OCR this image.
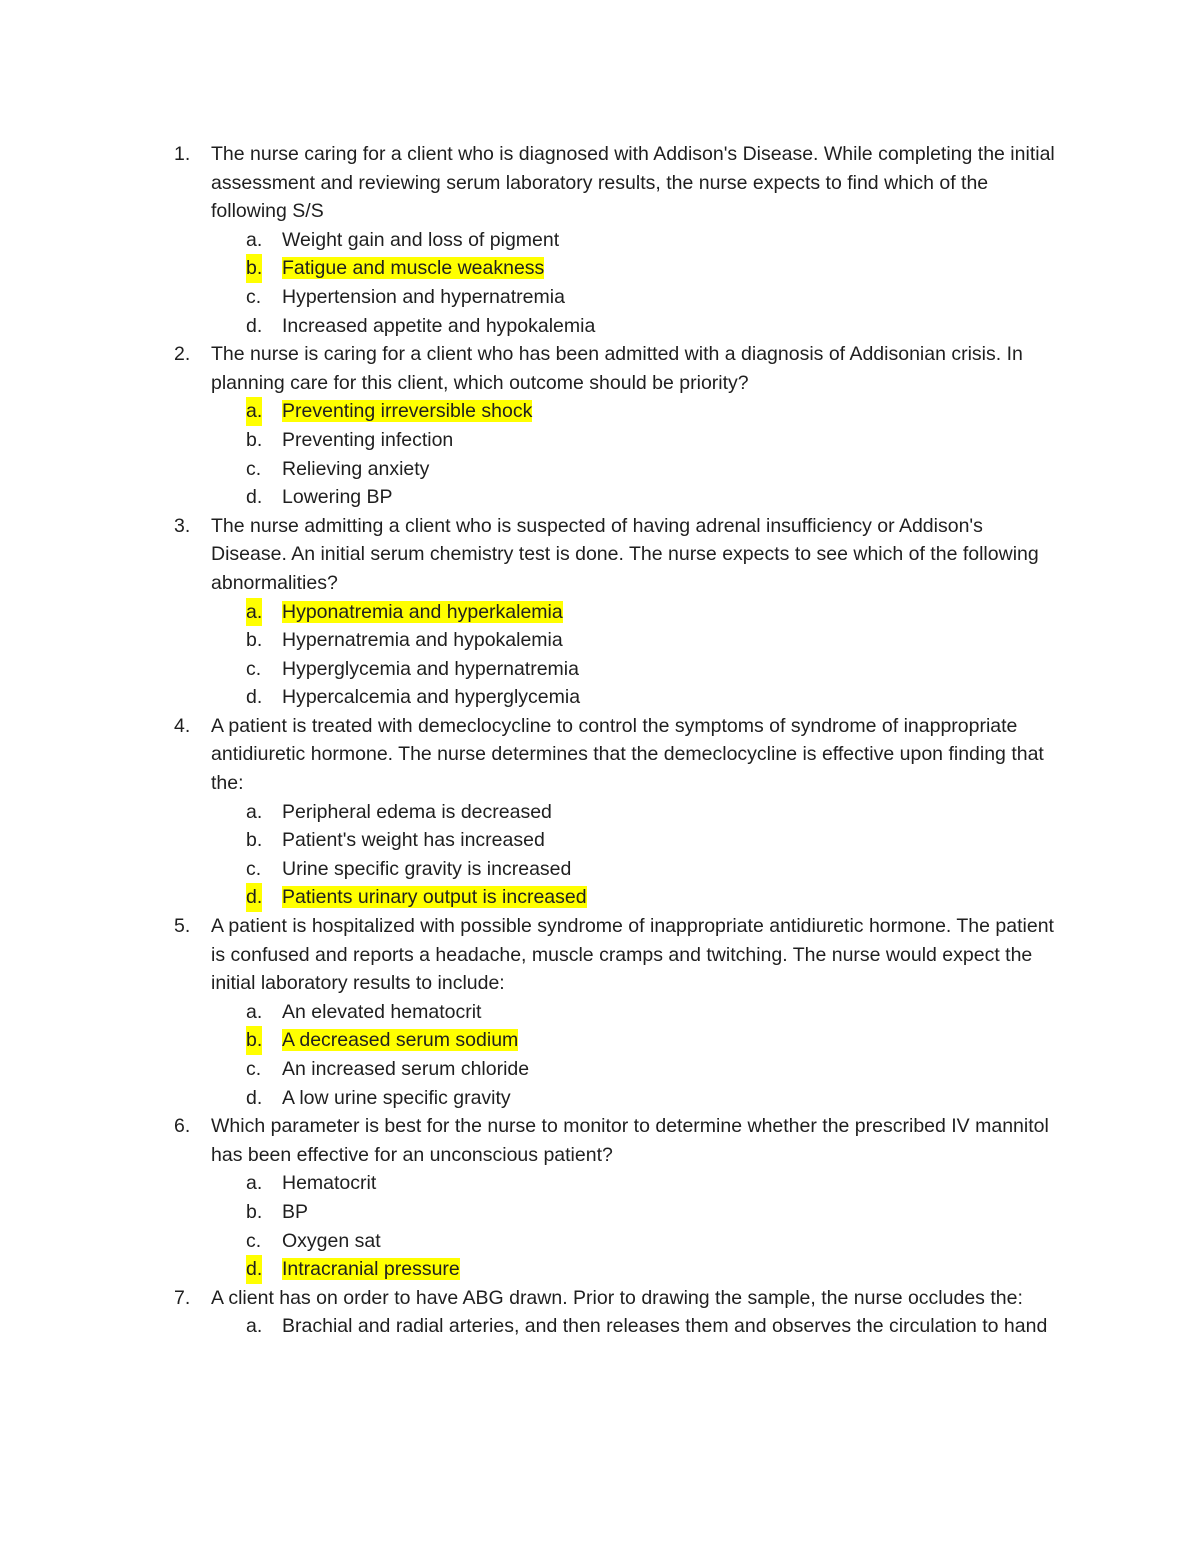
1. The nurse caring for a client who is diagnosed with Addison's Disease. While completing the initial assessment and reviewing serum laboratory results, the nurse expects to find which of the following S/S
a. Weight gain and loss of pigment
b. Fatigue and muscle weakness
c. Hypertension and hypernatremia
d. Increased appetite and hypokalemia
2. The nurse is caring for a client who has been admitted with a diagnosis of Addisonian crisis. In planning care for this client, which outcome should be priority?
a. Preventing irreversible shock
b. Preventing infection
c. Relieving anxiety
d. Lowering BP
3. The nurse admitting a client who is suspected of having adrenal insufficiency or Addison's Disease. An initial serum chemistry test is done. The nurse expects to see which of the following abnormalities?
a. Hyponatremia and hyperkalemia
b. Hypernatremia and hypokalemia
c. Hyperglycemia and hypernatremia
d. Hypercalcemia and hyperglycemia
4. A patient is treated with demeclocycline to control the symptoms of syndrome of inappropriate antidiuretic hormone. The nurse determines that the demeclocycline is effective upon finding that the:
a. Peripheral edema is decreased
b. Patient's weight has increased
c. Urine specific gravity is increased
d. Patients urinary output is increased
5. A patient is hospitalized with possible syndrome of inappropriate antidiuretic hormone. The patient is confused and reports a headache, muscle cramps and twitching. The nurse would expect the initial laboratory results to include:
a. An elevated hematocrit
b. A decreased serum sodium
c. An increased serum chloride
d. A low urine specific gravity
6. Which parameter is best for the nurse to monitor to determine whether the prescribed IV mannitol has been effective for an unconscious patient?
a. Hematocrit
b. BP
c. Oxygen sat
d. Intracranial pressure
7. A client has on order to have ABG drawn. Prior to drawing the sample, the nurse occludes the:
a. Brachial and radial arteries, and then releases them and observes the circulation to hand
